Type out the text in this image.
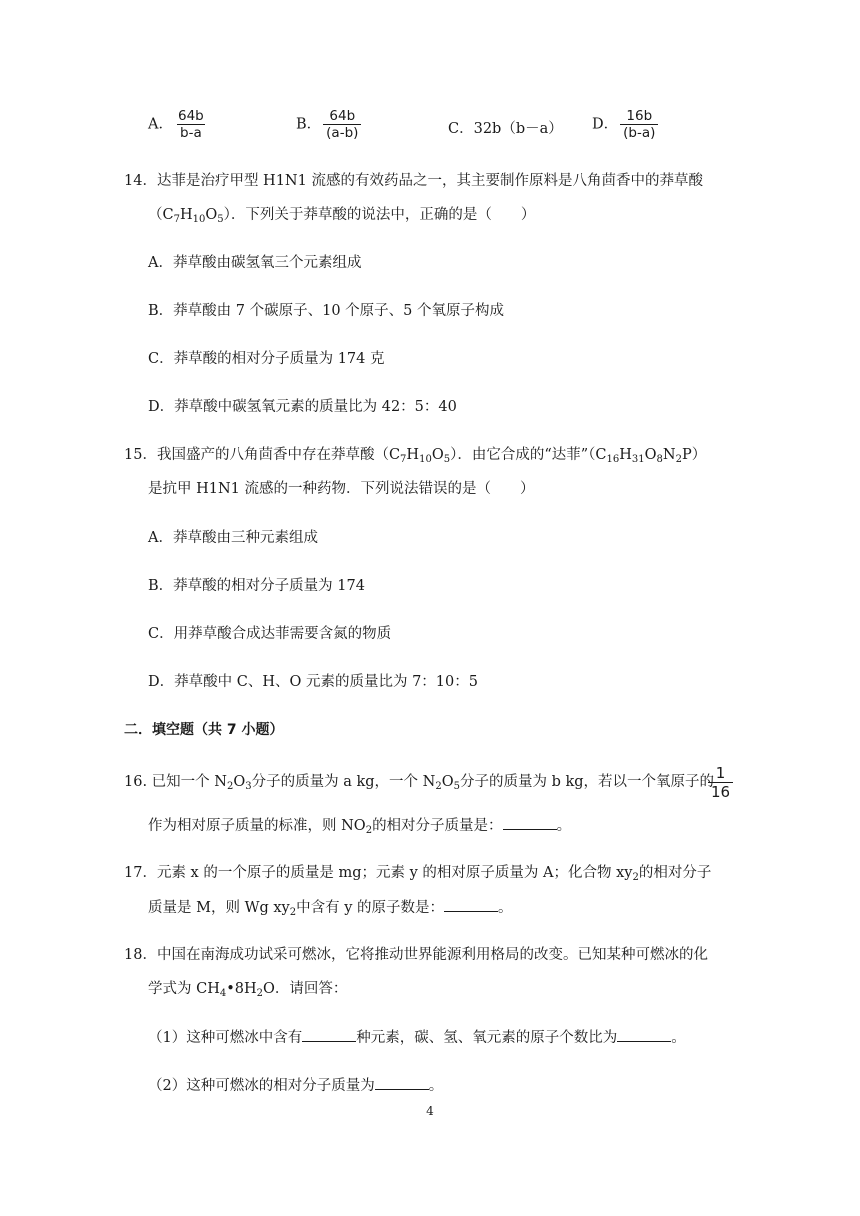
A． $\frac{64b}{b-a}$	B． $\frac{64b}{(a-b)}$	C．32b（b－a） D． $\frac{16b}{(b-a)}$
14．达菲是治疗甲型 H1N1 流感的有效药品之一，其主要制作原料是八角茴香中的莽草酸
$(C_7H_{10}O_5)$．下列关于莽草酸的说法中，正确的是（　　）
A．莽草酸由碳氢氧三个元素组成
B．莽草酸由 7 个碳原子、10 个原子、5 个氧原子构成
C．莽草酸的相对分子质量为 174 克
D．莽草酸中碳氢氧元素的质量比为 42：5：40
15．我国盛产的八角茴香中存在莽草酸$(C_7H_{10}O_5)$．由它合成的“达菲$”(C_{16}H_{31}O_8N_2P)$
是抗甲 H1N1 流感的一种药物．下列说法错误的是（　　）
A．莽草酸由三种元素组成
B．莽草酸的相对分子质量为 174
C．用莽草酸合成达菲需要含氮的物质
D．莽草酸中 C、H、O 元素的质量比为 7：10：5
二．填空题（共 7 小题）
16. 已知一个 $N_2O_3$分子的质量为 a kg，一个 $N_2O_5$分子的质量为 b kg，若以一个氧原子的
$\frac{1}{16}$
作为相对原子质量的标准，则 $NO_2$的相对分子质量是：	。
17．元素 x 的一个原子的质量是 mg；元素 y 的相对原子质量为 A；化合物 $xy_2$的相对分子
质量是 M，则 Wg $xy_2$中含有 y 的原子数是：	。
18．中国在南海成功试采可燃冰，它将推动世界能源利用格局的改变。已知某种可燃冰的化
学式为 $CH_4•8H_2O$．请回答：
（1）这种可燃冰中含有	种元素，碳、氢、氧元素的原子个数比为	。
（2）这种可燃冰的相对分子质量为	。
4
